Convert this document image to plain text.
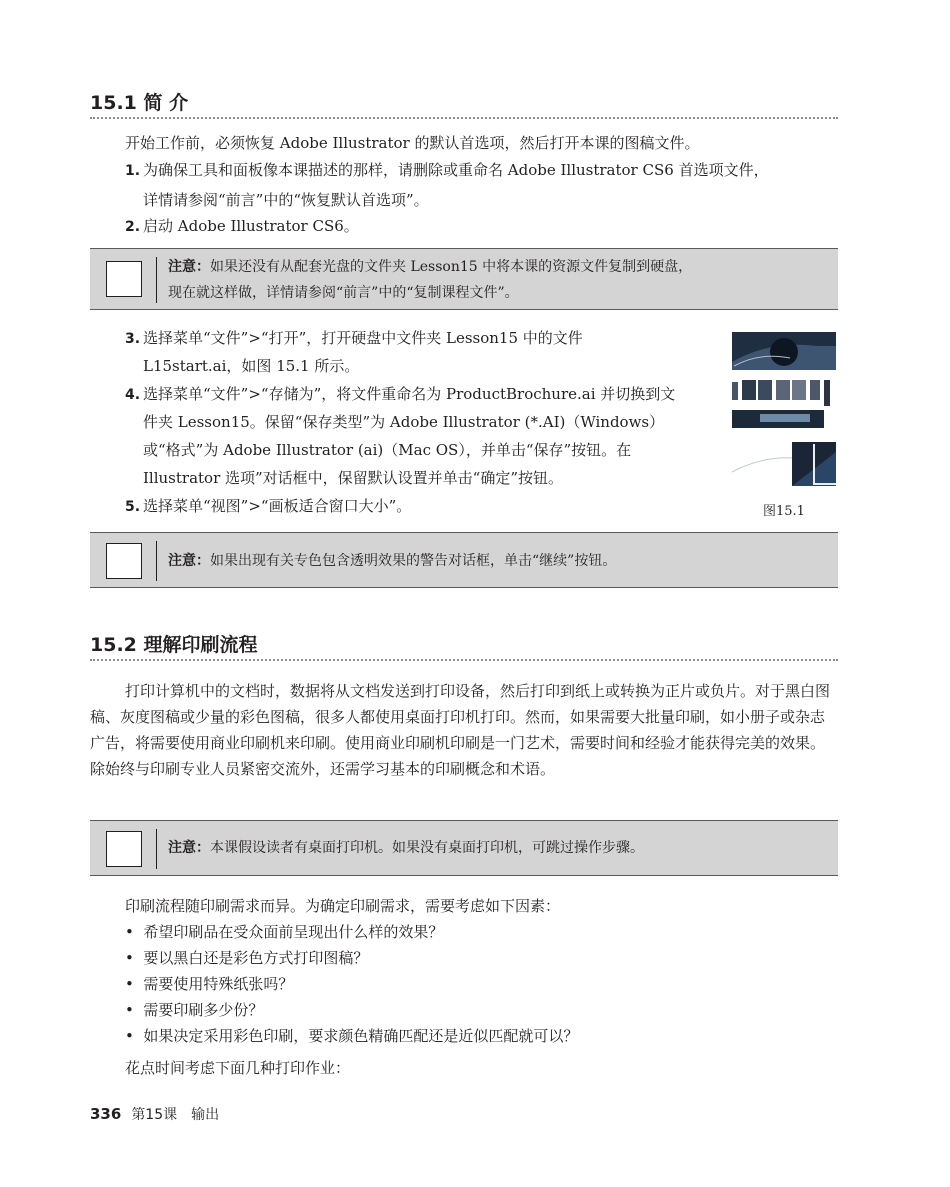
15.1 简 介
开始工作前，必须恢复 Adobe Illustrator 的默认首选项，然后打开本课的图稿文件。
1. 为确保工具和面板像本课描述的那样，请删除或重命名 Adobe Illustrator CS6 首选项文件，
详情请参阅“前言”中的“恢复默认首选项”。
2. 启动 Adobe Illustrator CS6。
注意：如果还没有从配套光盘的文件夹 Lesson15 中将本课的资源文件复制到硬盘，
现在就这样做，详情请参阅“前言”中的“复制课程文件”。
3. 选择菜单“文件”>“打开”，打开硬盘中文件夹 Lesson15 中的文件
L15start.ai，如图 15.1 所示。
4. 选择菜单“文件”>“存储为”，将文件重命名为 ProductBrochure.ai 并切换到文
件夹 Lesson15。保留“保存类型”为 Adobe Illustrator (*.AI)（Windows）
或“格式”为 Adobe Illustrator (ai)（Mac OS），并单击“保存”按钮。在
Illustrator 选项”对话框中，保留默认设置并单击“确定”按钮。
5. 选择菜单“视图”>“画板适合窗口大小”。	图15.1
注意：如果出现有关专色包含透明效果的警告对话框，单击“继续”按钮。
15.2 理解印刷流程
打印计算机中的文档时，数据将从文档发送到打印设备，然后打印到纸上或转换为正片或负片。对于黑白图稿、灰度图稿或少量的彩色图稿，很多人都使用桌面打印机打印。然而，如果需要大批量印刷，如小册子或杂志广告，将需要使用商业印刷机来印刷。使用商业印刷机印刷是一门艺术，需要时间和经验才能获得完美的效果。除始终与印刷专业人员紧密交流外，还需学习基本的印刷概念和术语。
注意：本课假设读者有桌面打印机。如果没有桌面打印机，可跳过操作步骤。
印刷流程随印刷需求而异。为确定印刷需求，需要考虑如下因素：
•  希望印刷品在受众面前呈现出什么样的效果？
•  要以黑白还是彩色方式打印图稿？
•  需要使用特殊纸张吗？
•  需要印刷多少份？
•  如果决定采用彩色印刷，要求颜色精确匹配还是近似匹配就可以？
花点时间考虑下面几种打印作业：
336 第15课　输出
